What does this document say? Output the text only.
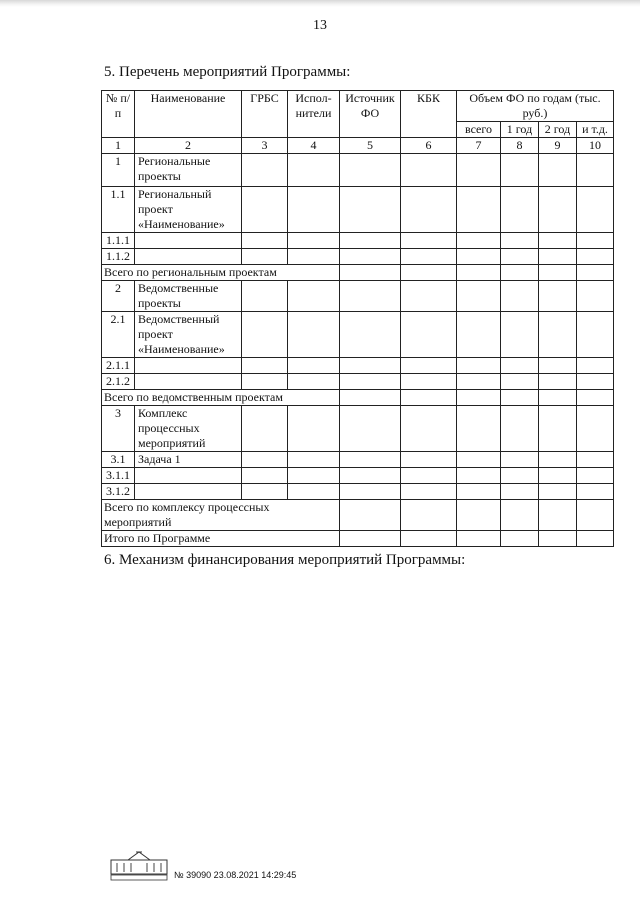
13
5. Перечень мероприятий Программы:
№ п/п	Наименование	ГРБС	Испол-нители	Источник ФО	КБК	Объем ФО по годам (тыс. руб.)			
						всего	1 год	2 год	и т.д.
1	2	3	4	5	6	7	8	9	10
1	Региональные проекты								
1.1	Региональный проект «Наименование»								
1.1.1									
1.1.2									
Всего по региональным проектам									
2	Ведомственные проекты								
2.1	Ведомственный проект «Наименование»								
2.1.1									
2.1.2									
Всего по ведомственным проектам									
3	Комплекс процессных мероприятий								
3.1	Задача 1								
3.1.1									
3.1.2									
Всего по комплексу процессных мероприятий									
Итого по Программе									
6. Механизм финансирования мероприятий Программы:
№ 39090 23.08.2021 14:29:45
